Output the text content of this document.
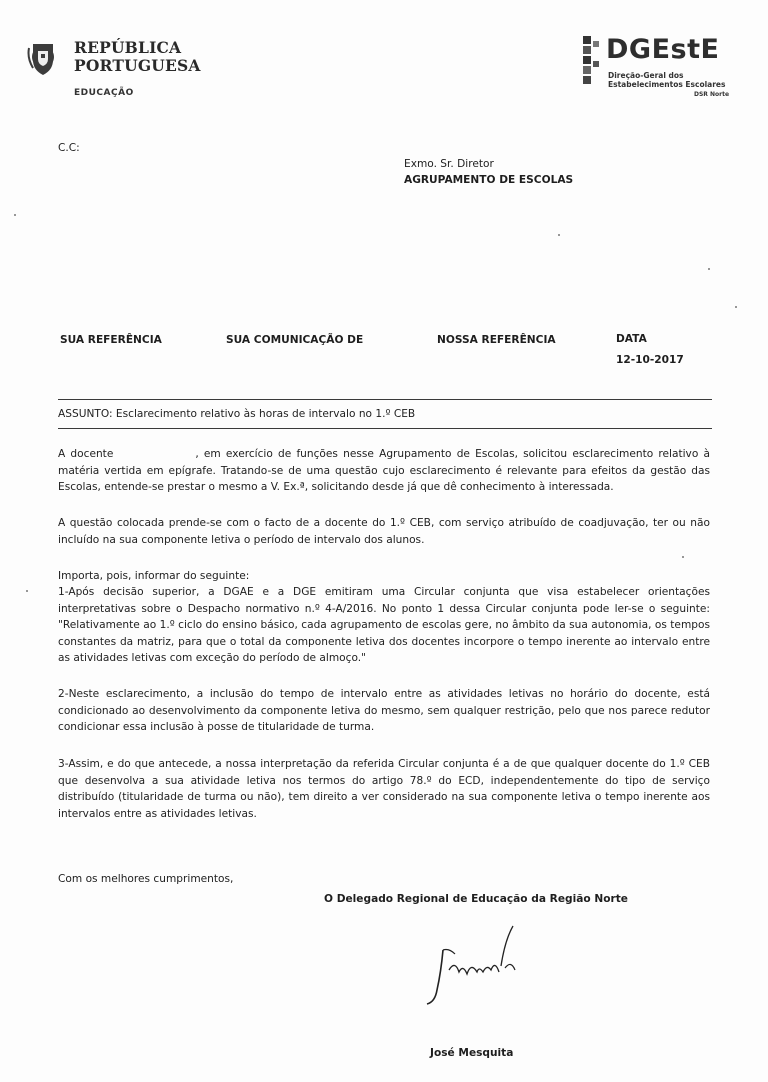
REPÚBLICA
PORTUGUESA
EDUCAÇÃO
DGEstE
Direção-Geral dos
Estabelecimentos Escolares
DSR Norte
C.C:
Exmo. Sr. Diretor
AGRUPAMENTO DE ESCOLAS
SUA REFERÊNCIA	SUA COMUNICAÇÃO DE	NOSSA REFERÊNCIA	DATA
12-10-2017
ASSUNTO: Esclarecimento relativo às horas de intervalo no 1.º CEB
A docente	, em exercício de funções nesse Agrupamento de Escolas, solicitou esclarecimento relativo à matéria vertida em epígrafe. Tratando-se de uma questão cujo esclarecimento é relevante para efeitos da gestão das Escolas, entende-se prestar o mesmo a V. Ex.ª, solicitando desde já que dê conhecimento à interessada.
A questão colocada prende-se com o facto de a docente do 1.º CEB, com serviço atribuído de coadjuvação, ter ou não incluído na sua componente letiva o período de intervalo dos alunos.
Importa, pois, informar do seguinte:
1-Após decisão superior, a DGAE e a DGE emitiram uma Circular conjunta que visa estabelecer orientações interpretativas sobre o Despacho normativo n.º 4-A/2016. No ponto 1 dessa Circular conjunta pode ler-se o seguinte: "Relativamente ao 1.º ciclo do ensino básico, cada agrupamento de escolas gere, no âmbito da sua autonomia, os tempos constantes da matriz, para que o total da componente letiva dos docentes incorpore o tempo inerente ao intervalo entre as atividades letivas com exceção do período de almoço."
2-Neste esclarecimento, a inclusão do tempo de intervalo entre as atividades letivas no horário do docente, está condicionado ao desenvolvimento da componente letiva do mesmo, sem qualquer restrição, pelo que nos parece redutor condicionar essa inclusão à posse de titularidade de turma.
3-Assim, e do que antecede, a nossa interpretação da referida Circular conjunta é a de que qualquer docente do 1.º CEB que desenvolva a sua atividade letiva nos termos do artigo 78.º do ECD, independentemente do tipo de serviço distribuído (titularidade de turma ou não), tem direito a ver considerado na sua componente letiva o tempo inerente aos intervalos entre as atividades letivas.
Com os melhores cumprimentos,
O Delegado Regional de Educação da Região Norte
José Mesquita
